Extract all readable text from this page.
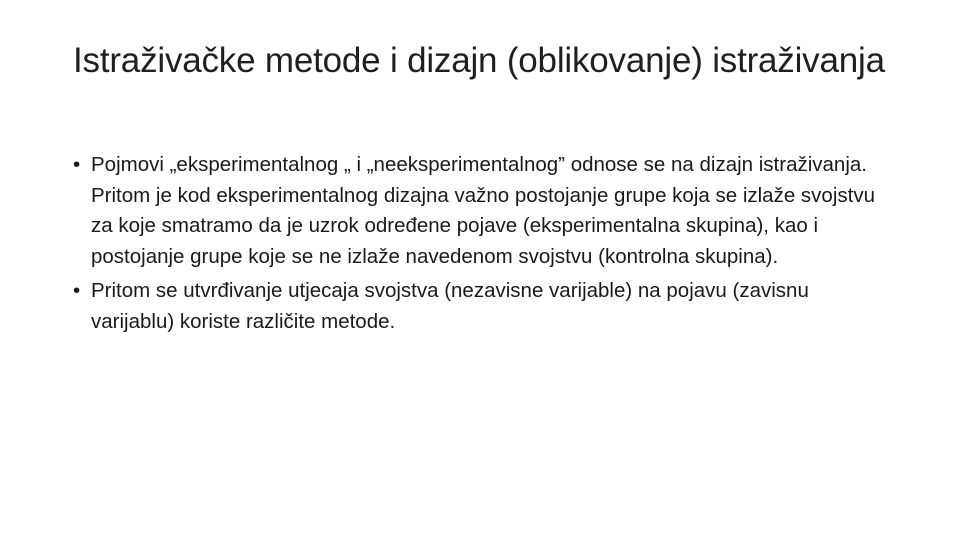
Istraživačke metode i dizajn (oblikovanje) istraživanja
• Pojmovi „eksperimentalnog „ i „neeksperimentalnog” odnose se na dizajn istraživanja. Pritom je kod eksperimentalnog dizajna važno postojanje grupe koja se izlaže svojstvu za koje smatramo da je uzrok određene pojave (eksperimentalna skupina), kao i postojanje grupe koje se ne izlaže navedenom svojstvu (kontrolna skupina).
• Pritom se utvrđivanje utjecaja svojstva (nezavisne varijable) na pojavu (zavisnu varijablu) koriste različite metode.
